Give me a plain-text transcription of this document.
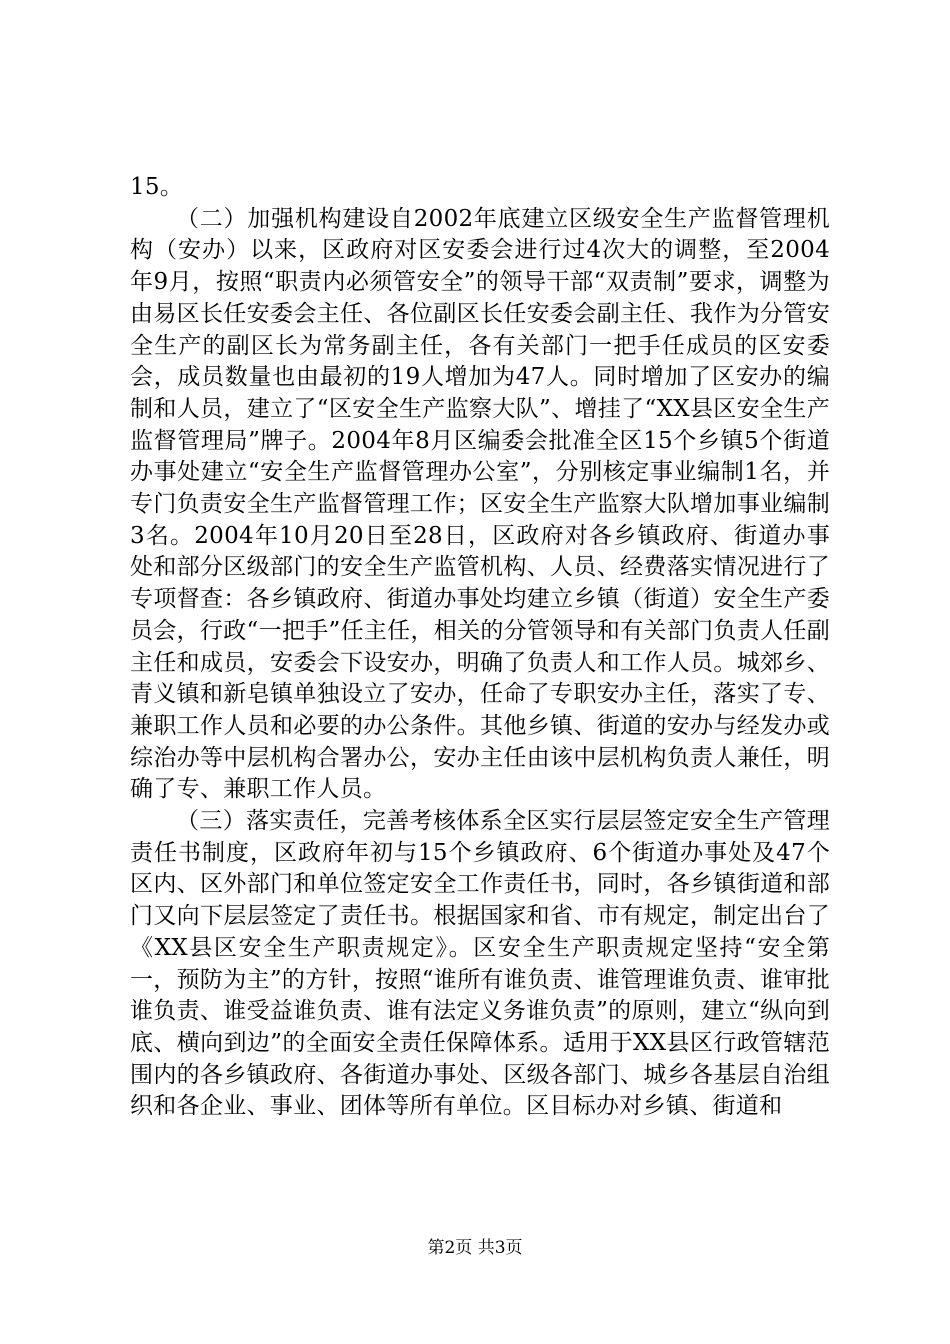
15。

（二）加强机构建设自2002年底建立区级安全生产监督管理机构（安办）以来，区政府对区安委会进行过4次大的调整，至2004年9月，按照“职责内必须管安全”的领导干部“双责制”要求，调整为由易区长任安委会主任、各位副区长任安委会副主任、我作为分管安全生产的副区长为常务副主任，各有关部门一把手任成员的区安委会，成员数量也由最初的19人增加为47人。同时增加了区安办的编制和人员，建立了“区安全生产监察大队”、增挂了“XX县区安全生产监督管理局”牌子。2004年8月区编委会批准全区15个乡镇5个街道办事处建立“安全生产监督管理办公室”，分别核定事业编制1名，并专门负责安全生产监督管理工作；区安全生产监察大队增加事业编制3名。2004年10月20日至28日，区政府对各乡镇政府、街道办事处和部分区级部门的安全生产监管机构、人员、经费落实情况进行了专项督查：各乡镇政府、街道办事处均建立乡镇（街道）安全生产委员会，行政“一把手”任主任，相关的分管领导和有关部门负责人任副主任和成员，安委会下设安办，明确了负责人和工作人员。城郊乡、青义镇和新皂镇单独设立了安办，任命了专职安办主任，落实了专、兼职工作人员和必要的办公条件。其他乡镇、街道的安办与经发办或综治办等中层机构合署办公，安办主任由该中层机构负责人兼任，明确了专、兼职工作人员。

（三）落实责任，完善考核体系全区实行层层签定安全生产管理责任书制度，区政府年初与15个乡镇政府、6个街道办事处及47个区内、区外部门和单位签定安全工作责任书，同时，各乡镇街道和部门又向下层层签定了责任书。根据国家和省、市有规定，制定出台了《XX县区安全生产职责规定》。区安全生产职责规定坚持“安全第一，预防为主”的方针，按照“谁所有谁负责、谁管理谁负责、谁审批谁负责、谁受益谁负责、谁有法定义务谁负责”的原则，建立“纵向到底、横向到边”的全面安全责任保障体系。适用于XX县区行政管辖范围内的各乡镇政府、各街道办事处、区级各部门、城乡各基层自治组织和各企业、事业、团体等所有单位。区目标办对乡镇、街道和

第2页 共3页
